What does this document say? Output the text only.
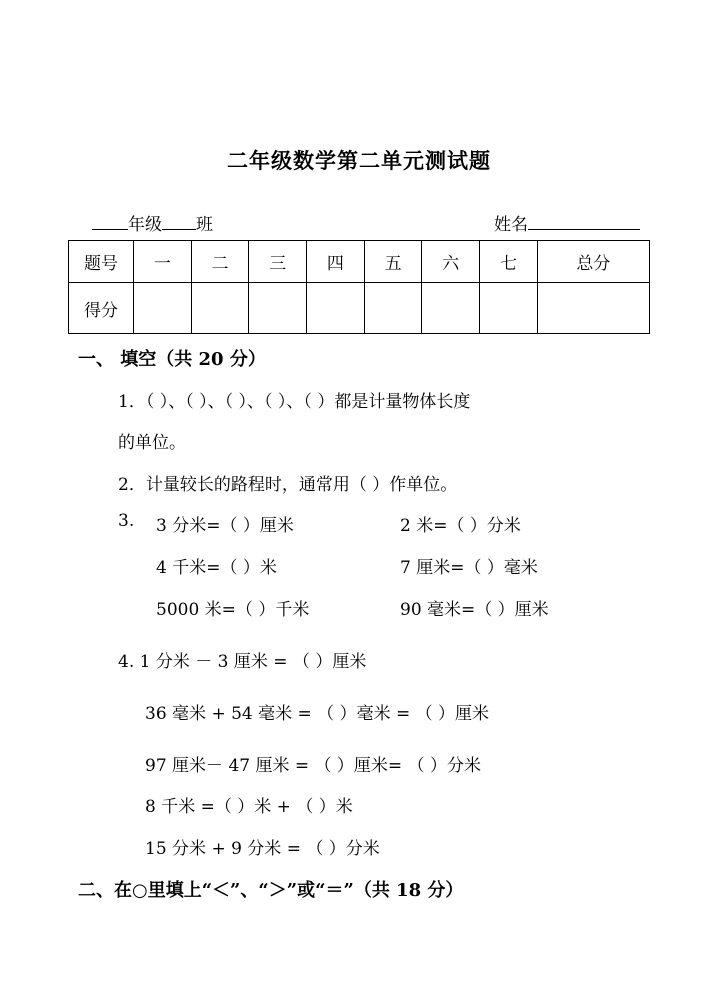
二年级数学第二单元测试题
年级 班	姓名
题号	一	二	三	四	五	六	七	总分
得分								
一、 填空（共 20 分）
1．（ ）、（ ）、（ ）、（ ）、（ ）都是计量物体长度
的单位。
2．计量较长的路程时，通常用（ ）作单位。
3. 3 分米=（ ）厘米	2 米=（ ）分米
4 千米=（ ）米	7 厘米=（ ）毫米
5000 米=（ ）千米	90 毫米=（ ）厘米
4. 1 分米 － 3 厘米 = （ ）厘米
36 毫米 + 54 毫米 = （ ）毫米 = （ ）厘米
97 厘米－ 47 厘米 = （ ）厘米= （ ）分米
8 千米 =（ ）米 + （ ）米
15 分米 + 9 分米 = （ ）分米
二、在○里填上“＜”、“＞”或“＝”（共 18 分）
